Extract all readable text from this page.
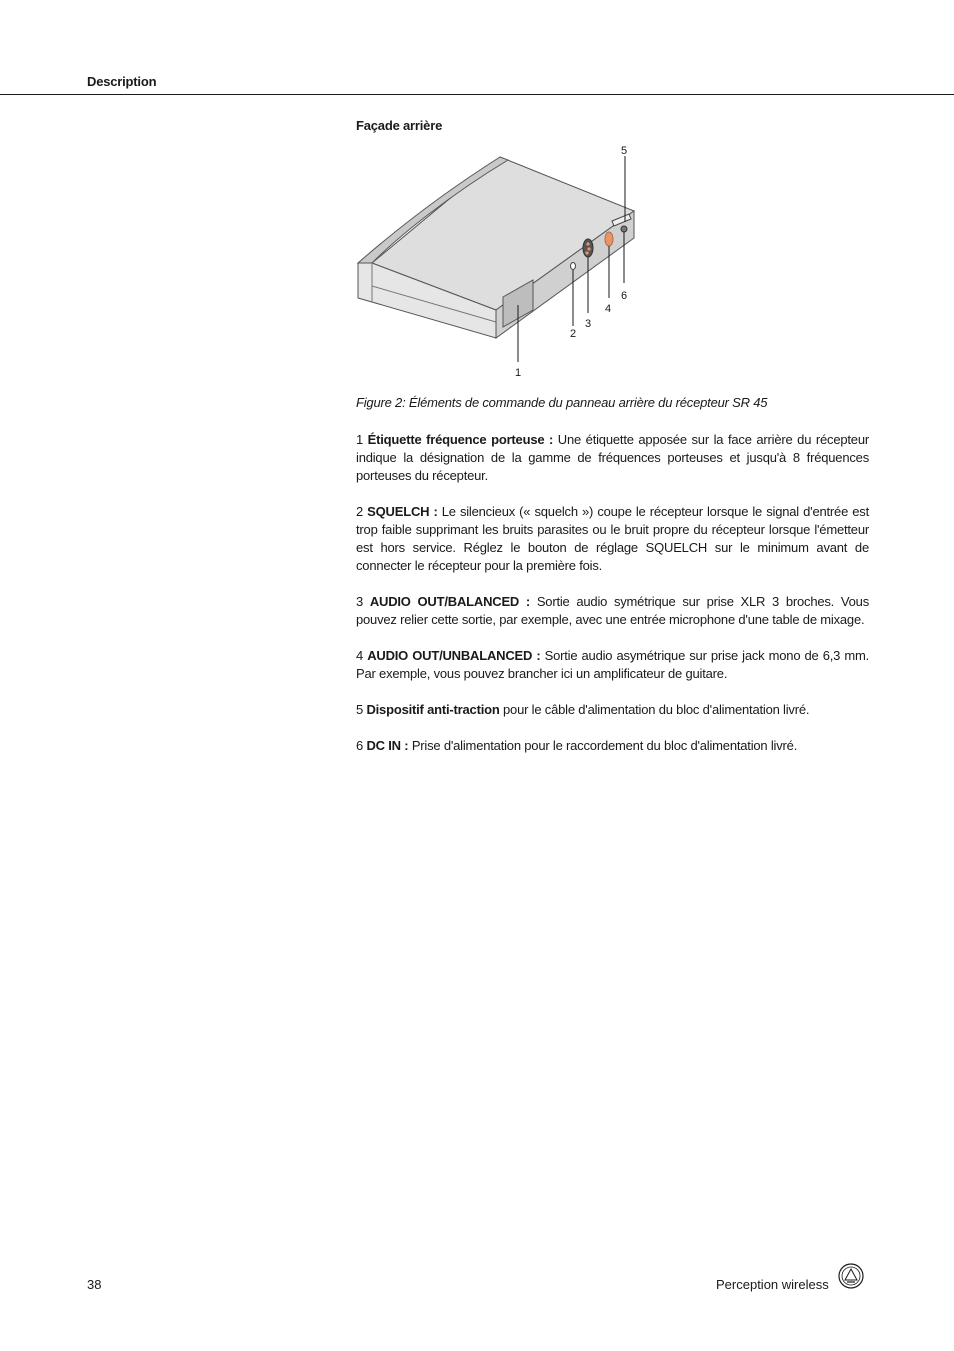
Description
Façade arrière
1
2
3
4
5
6
Figure 2: Éléments de commande du panneau arrière du récepteur SR 45

1 Étiquette fréquence porteuse : Une étiquette apposée sur la face arrière du récepteur indique la désignation de la gamme de fréquences porteuses et jusqu'à 8 fréquences porteuses du récepteur.

2 SQUELCH : Le silencieux (« squelch ») coupe le récepteur lorsque le signal d'entrée est trop faible supprimant les bruits parasites ou le bruit propre du récepteur lorsque l'émetteur est hors service. Réglez le bouton de réglage SQUELCH sur le minimum avant de connecter le récepteur pour la première fois.

3 AUDIO OUT/BALANCED : Sortie audio symétrique sur prise XLR 3 broches. Vous pouvez relier cette sortie, par exemple, avec une entrée microphone d'une table de mixage.

4 AUDIO OUT/UNBALANCED : Sortie audio asymétrique sur prise jack mono de 6,3 mm. Par exemple, vous pouvez brancher ici un amplificateur de guitare.

5 Dispositif anti-traction pour le câble d'alimentation du bloc d'alimentation livré.

6 DC IN : Prise d'alimentation pour le raccordement du bloc d'alimentation livré.

38	Perception wireless
